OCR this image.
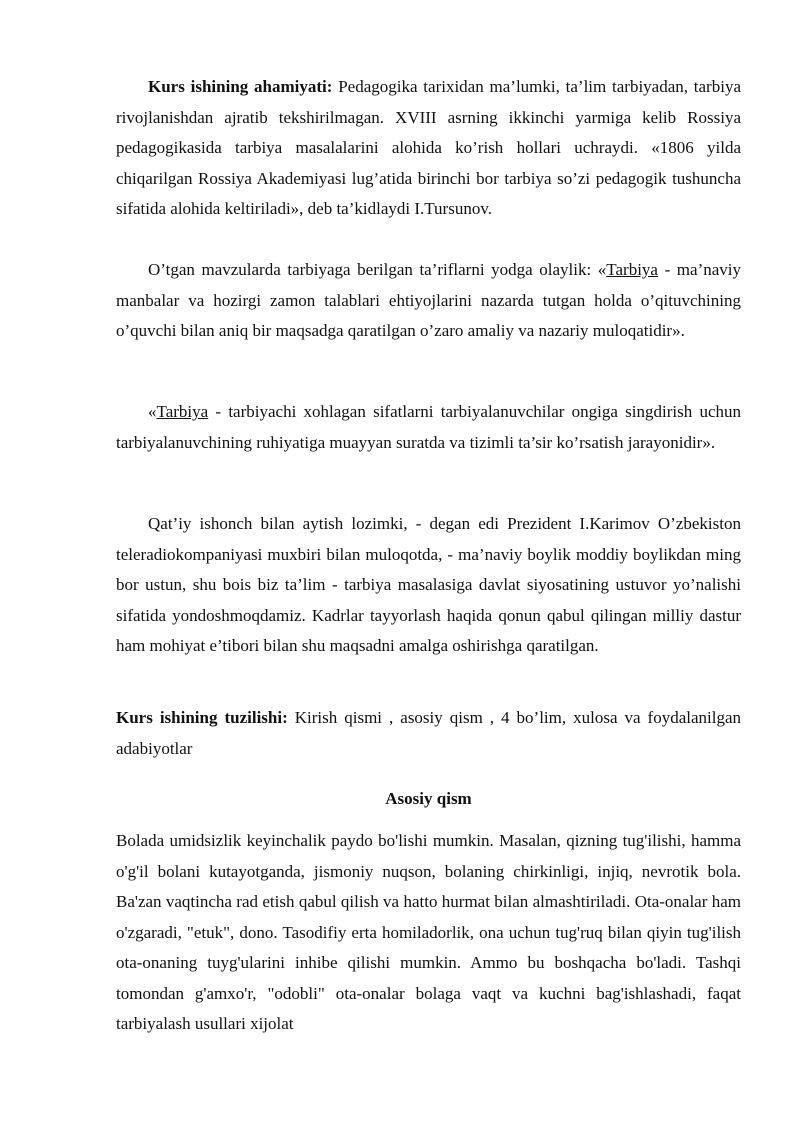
Kurs ishining ahamiyati: Pedagogika tarixidan ma’lumki, ta’lim tarbiyadan, tarbiya rivojlanishdan ajratib tekshirilmagan. XVIII asrning ikkinchi yarmiga kelib Rossiya pedagogikasida tarbiya masalalarini alohida ko’rish hollari uchraydi. «1806 yilda chiqarilgan Rossiya Akademiyasi lug’atida birinchi bor tarbiya so’zi pedagogik tushuncha sifatida alohida keltiriladi», deb ta’kidlaydi I.Tursunov.

O’tgan mavzularda tarbiyaga berilgan ta’riflarni yodga olaylik: «Tarbiya - ma’naviy manbalar va hozirgi zamon talablari ehtiyojlarini nazarda tutgan holda o’qituvchining o’quvchi bilan aniq bir maqsadga qaratilgan o’zaro amaliy va nazariy muloqatidir».

«Tarbiya - tarbiyachi xohlagan sifatlarni tarbiyalanuvchilar ongiga singdirish uchun tarbiyalanuvchining ruhiyatiga muayyan suratda va tizimli ta’sir ko’rsatish jarayonidir».

Qat’iy ishonch bilan aytish lozimki, - degan edi Prezident I.Karimov O’zbekiston teleradiokompaniyasi muxbiri bilan muloqotda, - ma’naviy boylik moddiy boylikdan ming bor ustun, shu bois biz ta’lim - tarbiya masalasiga davlat siyosatining ustuvor yo’nalishi sifatida yondoshmoqdamiz. Kadrlar tayyorlash haqida qonun qabul qilingan milliy dastur ham mohiyat e’tibori bilan shu maqsadni amalga oshirishga qaratilgan.

Kurs ishining tuzilishi: Kirish qismi , asosiy qism , 4 bo’lim, xulosa va foydalanilgan adabiyotlar

Asosiy qism

Bolada umidsizlik keyinchalik paydo bo'lishi mumkin. Masalan, qizning tug'ilishi, hamma o'g'il bolani kutayotganda, jismoniy nuqson, bolaning chirkinligi, injiq, nevrotik bola. Ba'zan vaqtincha rad etish qabul qilish va hatto hurmat bilan almashtiriladi. Ota-onalar ham o'zgaradi, "etuk", dono. Tasodifiy erta homiladorlik, ona uchun tug'ruq bilan qiyin tug'ilish ota-onaning tuyg'ularini inhibe qilishi mumkin. Ammo bu boshqacha bo'ladi. Tashqi tomondan g'amxo'r, "odobli" ota-onalar bolaga vaqt va kuchni bag'ishlashadi, faqat tarbiyalash usullari xijolat
